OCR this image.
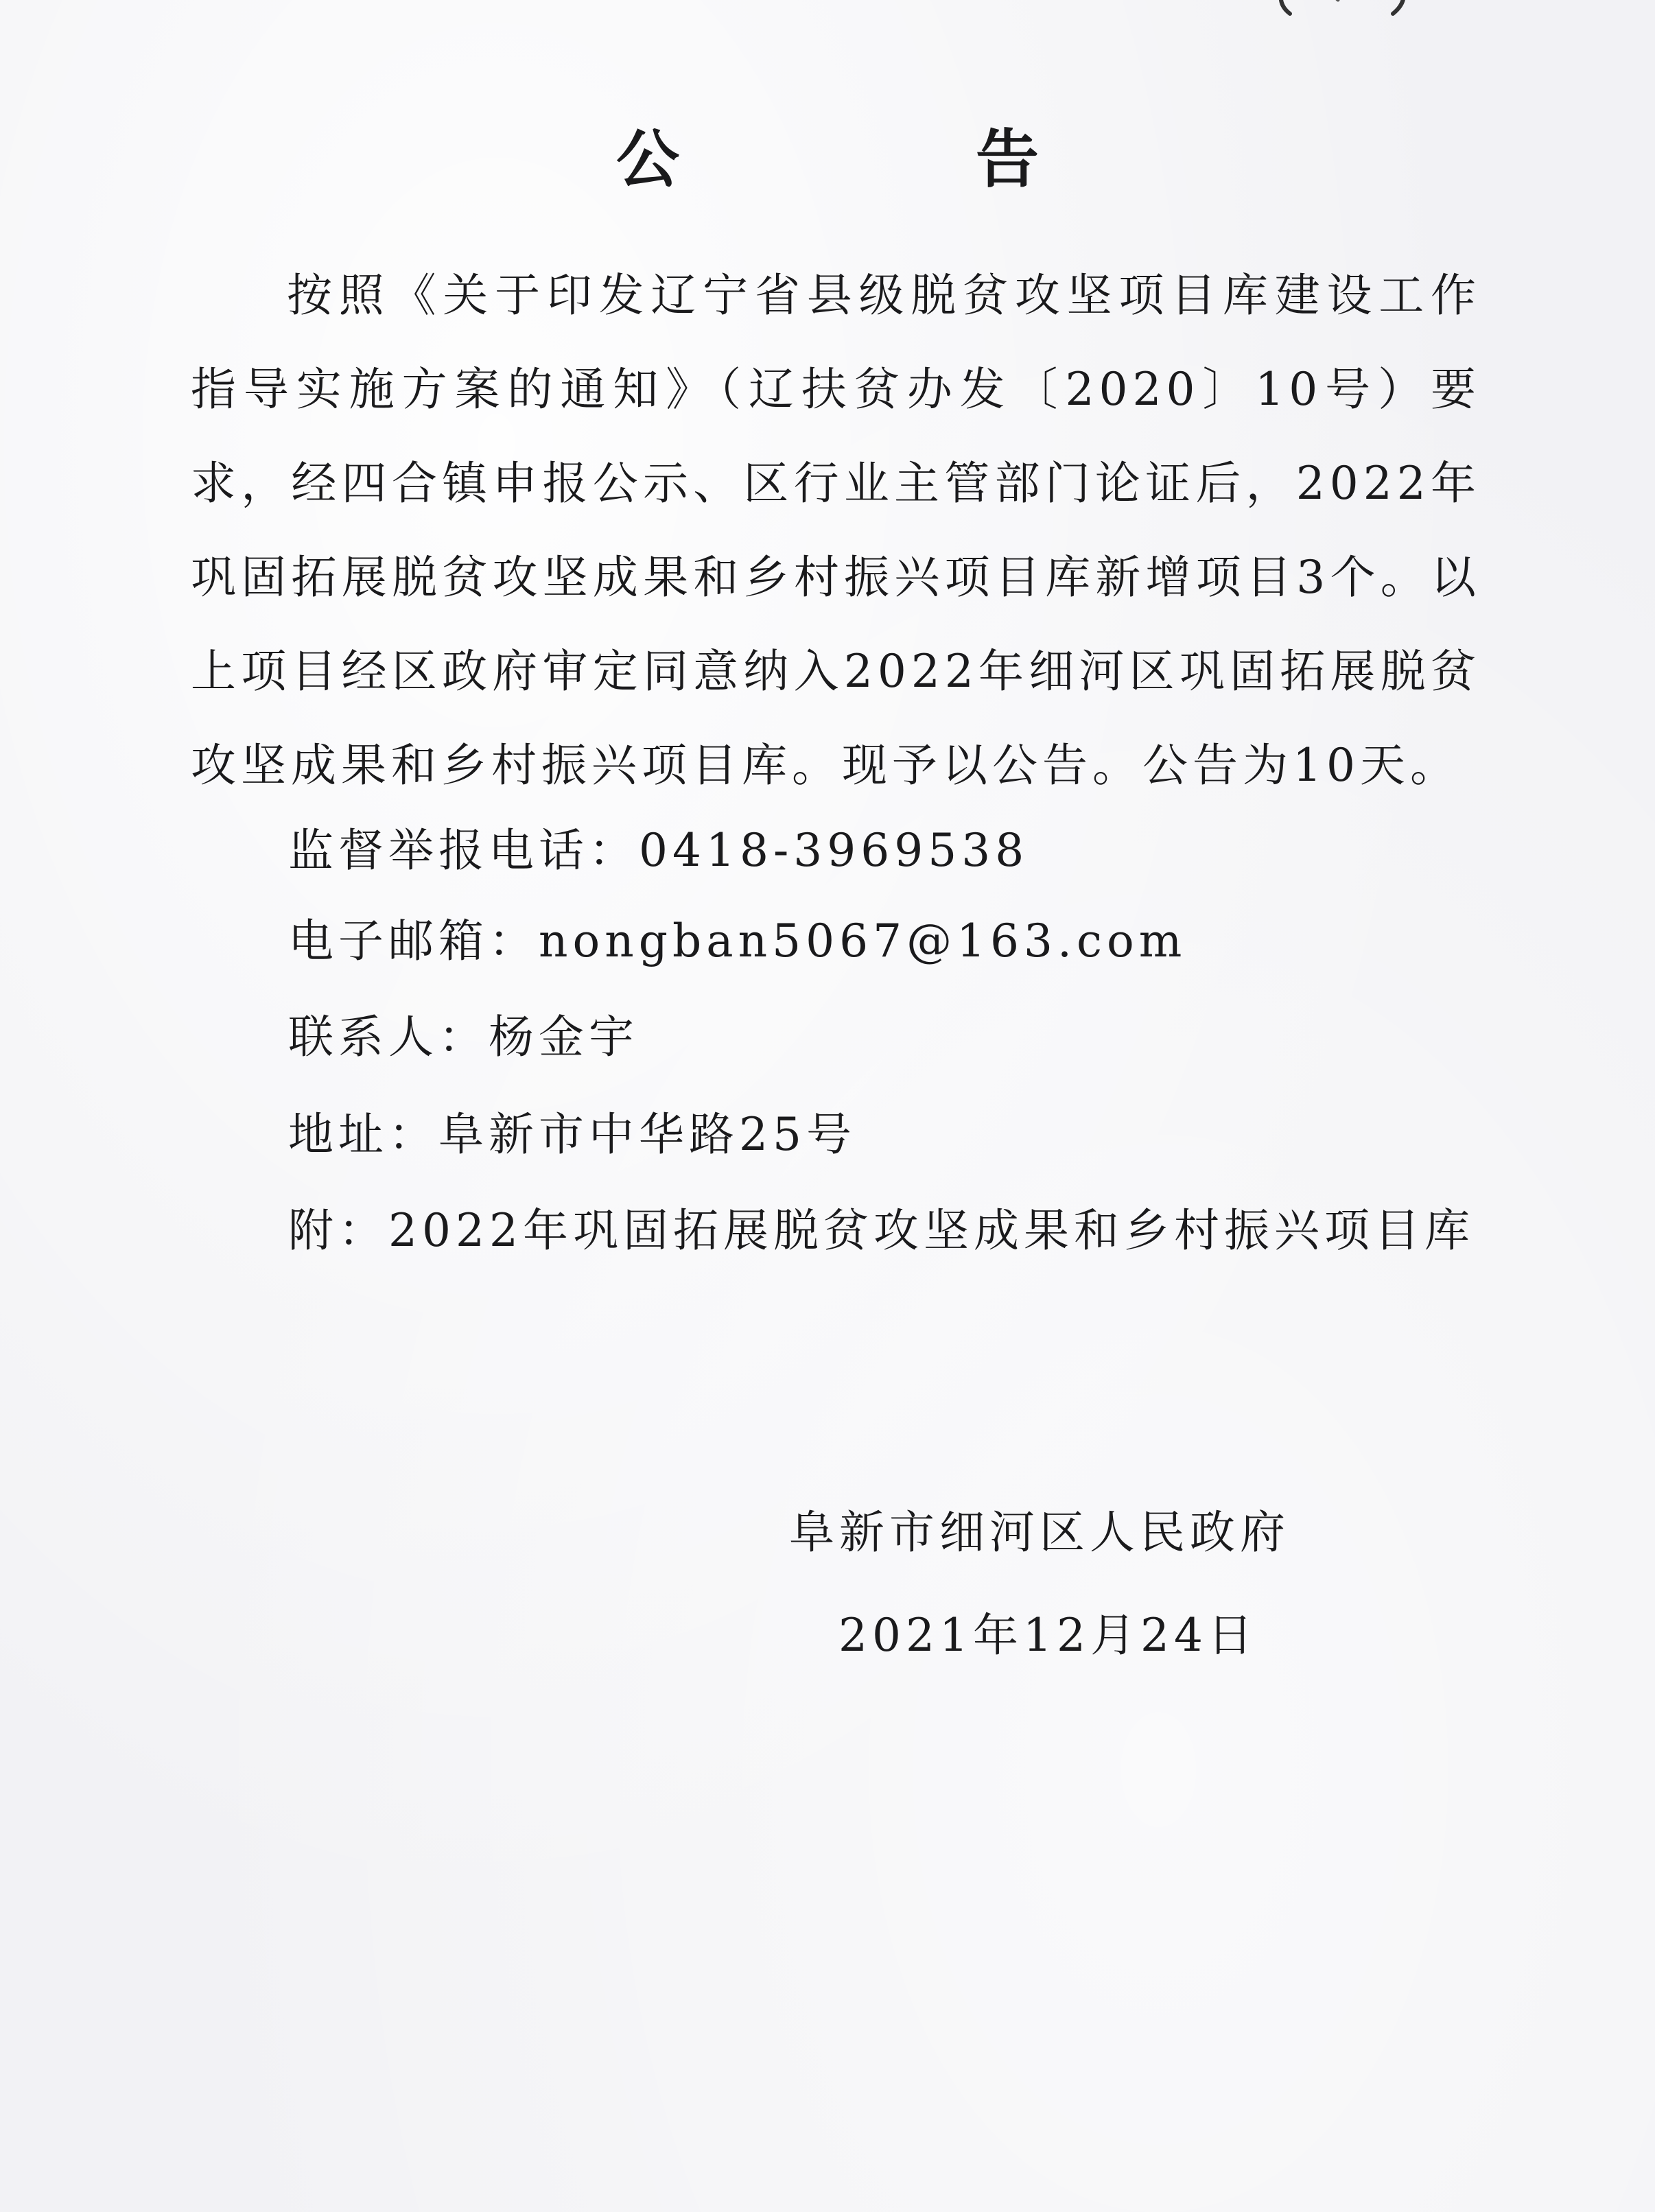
公 告
按照《关于印发辽宁省县级脱贫攻坚项目库建设工作指导实施方案的通知》（辽扶贫办发〔2020〕10号）要求，经四合镇申报公示、区行业主管部门论证后，2022年巩固拓展脱贫攻坚成果和乡村振兴项目库新增项目3个。以上项目经区政府审定同意纳入2022年细河区巩固拓展脱贫攻坚成果和乡村振兴项目库。现予以公告。公告为10天。
监督举报电话：0418-3969538
电子邮箱：nongban5067@163.com
联系人：杨金宇
地址：阜新市中华路25号
附：2022年巩固拓展脱贫攻坚成果和乡村振兴项目库
阜新市细河区人民政府
2021年12月24日
